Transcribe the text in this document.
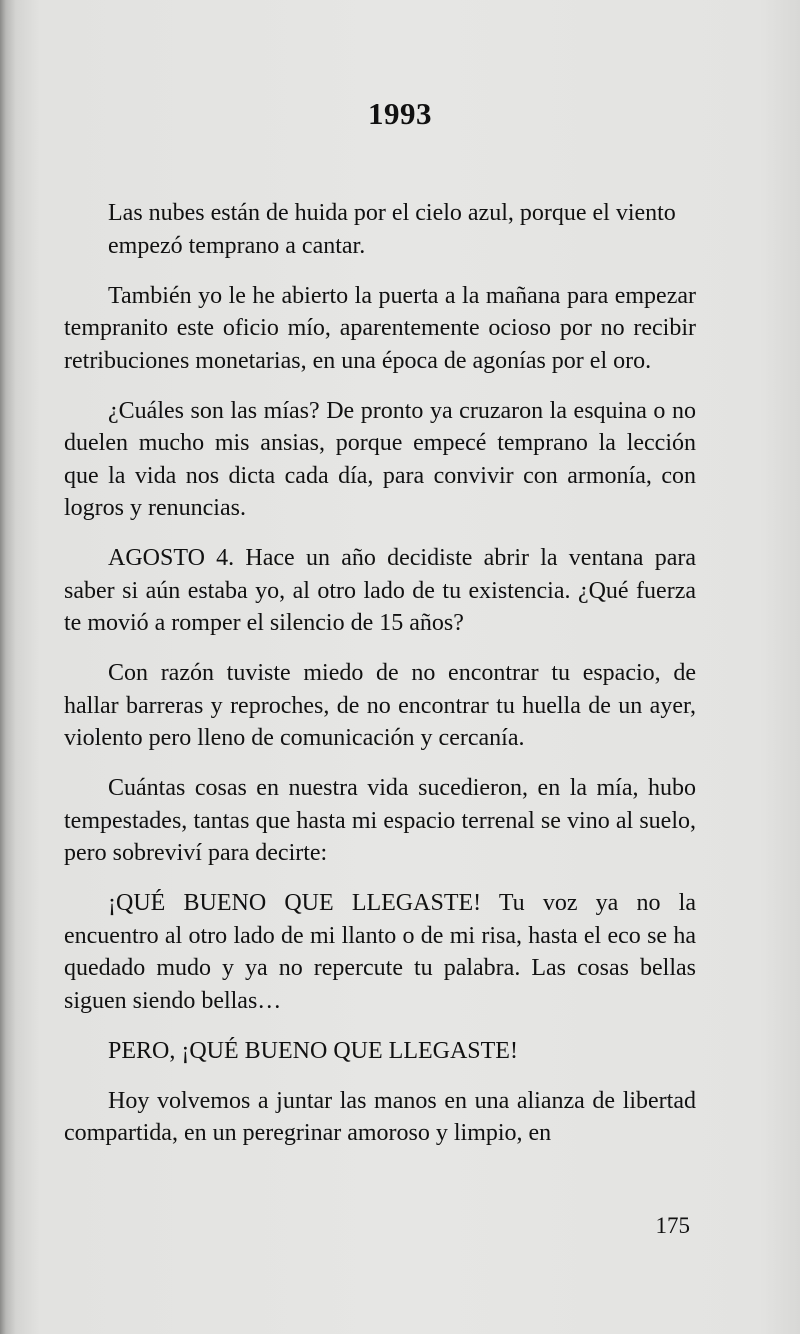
1993

Las nubes están de huida por el cielo azul, porque el viento empezó temprano a cantar.

También yo le he abierto la puerta a la mañana para empezar tempranito este oficio mío, aparentemente ocioso por no recibir retribuciones monetarias, en una época de agonías por el oro.

¿Cuáles son las mías? De pronto ya cruzaron la esquina o no duelen mucho mis ansias, porque empecé temprano la lección que la vida nos dicta cada día, para convivir con armonía, con logros y renuncias.

AGOSTO 4. Hace un año decidiste abrir la ventana para saber si aún estaba yo, al otro lado de tu existencia. ¿Qué fuerza te movió a romper el silencio de 15 años?

Con razón tuviste miedo de no encontrar tu espacio, de hallar barreras y reproches, de no encontrar tu huella de un ayer, violento pero lleno de comunicación y cercanía.

Cuántas cosas en nuestra vida sucedieron, en la mía, hubo tempestades, tantas que hasta mi espacio terrenal se vino al suelo, pero sobreviví para decirte:

¡QUÉ BUENO QUE LLEGASTE! Tu voz ya no la encuentro al otro lado de mi llanto o de mi risa, hasta el eco se ha quedado mudo y ya no repercute tu palabra. Las cosas bellas siguen siendo bellas…

PERO, ¡QUÉ BUENO QUE LLEGASTE!

Hoy volvemos a juntar las manos en una alianza de libertad compartida, en un peregrinar amoroso y limpio, en

175
